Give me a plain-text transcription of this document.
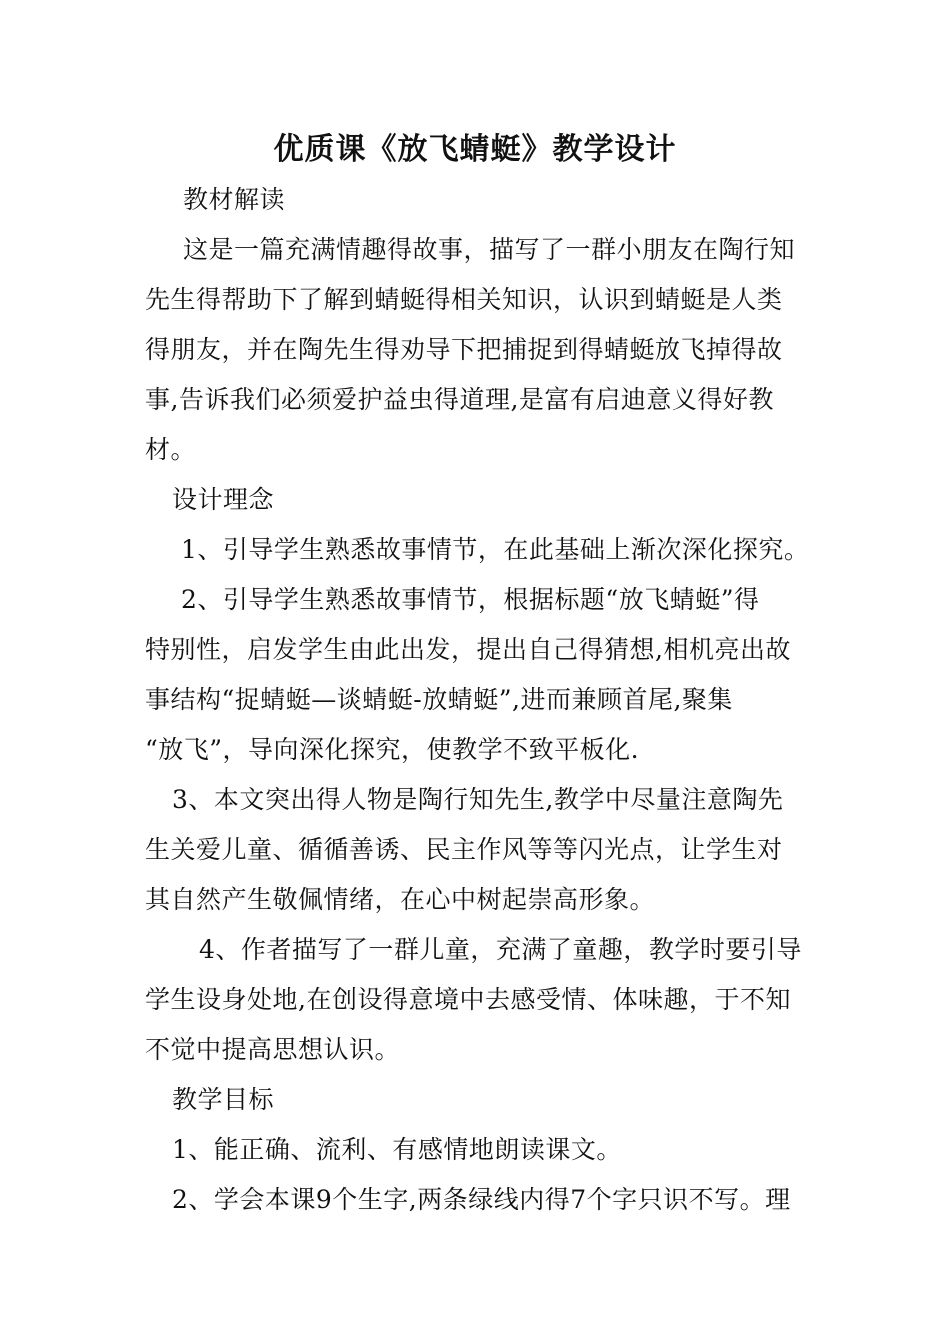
优质课《放飞蜻蜓》教学设计
教材解读
这是一篇充满情趣得故事，描写了一群小朋友在陶行知
先生得帮助下了解到蜻蜓得相关知识，认识到蜻蜓是人类
得朋友，并在陶先生得劝导下把捕捉到得蜻蜓放飞掉得故
事,告诉我们必须爱护益虫得道理,是富有启迪意义得好教
材。
设计理念
1、引导学生熟悉故事情节，在此基础上渐次深化探究。
2、引导学生熟悉故事情节，根据标题“放飞蜻蜓”得
特别性，启发学生由此出发，提出自己得猜想,相机亮出故
事结构“捉蜻蜓—谈蜻蜓-放蜻蜓”,进而兼顾首尾,聚集
“放飞”，导向深化探究，使教学不致平板化.
3、本文突出得人物是陶行知先生,教学中尽量注意陶先
生关爱儿童、循循善诱、民主作风等等闪光点，让学生对
其自然产生敬佩情绪，在心中树起崇高形象。
4、作者描写了一群儿童，充满了童趣，教学时要引导
学生设身处地,在创设得意境中去感受情、体味趣，于不知
不觉中提高思想认识。
教学目标
1、能正确、流利、有感情地朗读课文。
2、学会本课9个生字,两条绿线内得7个字只识不写。理
